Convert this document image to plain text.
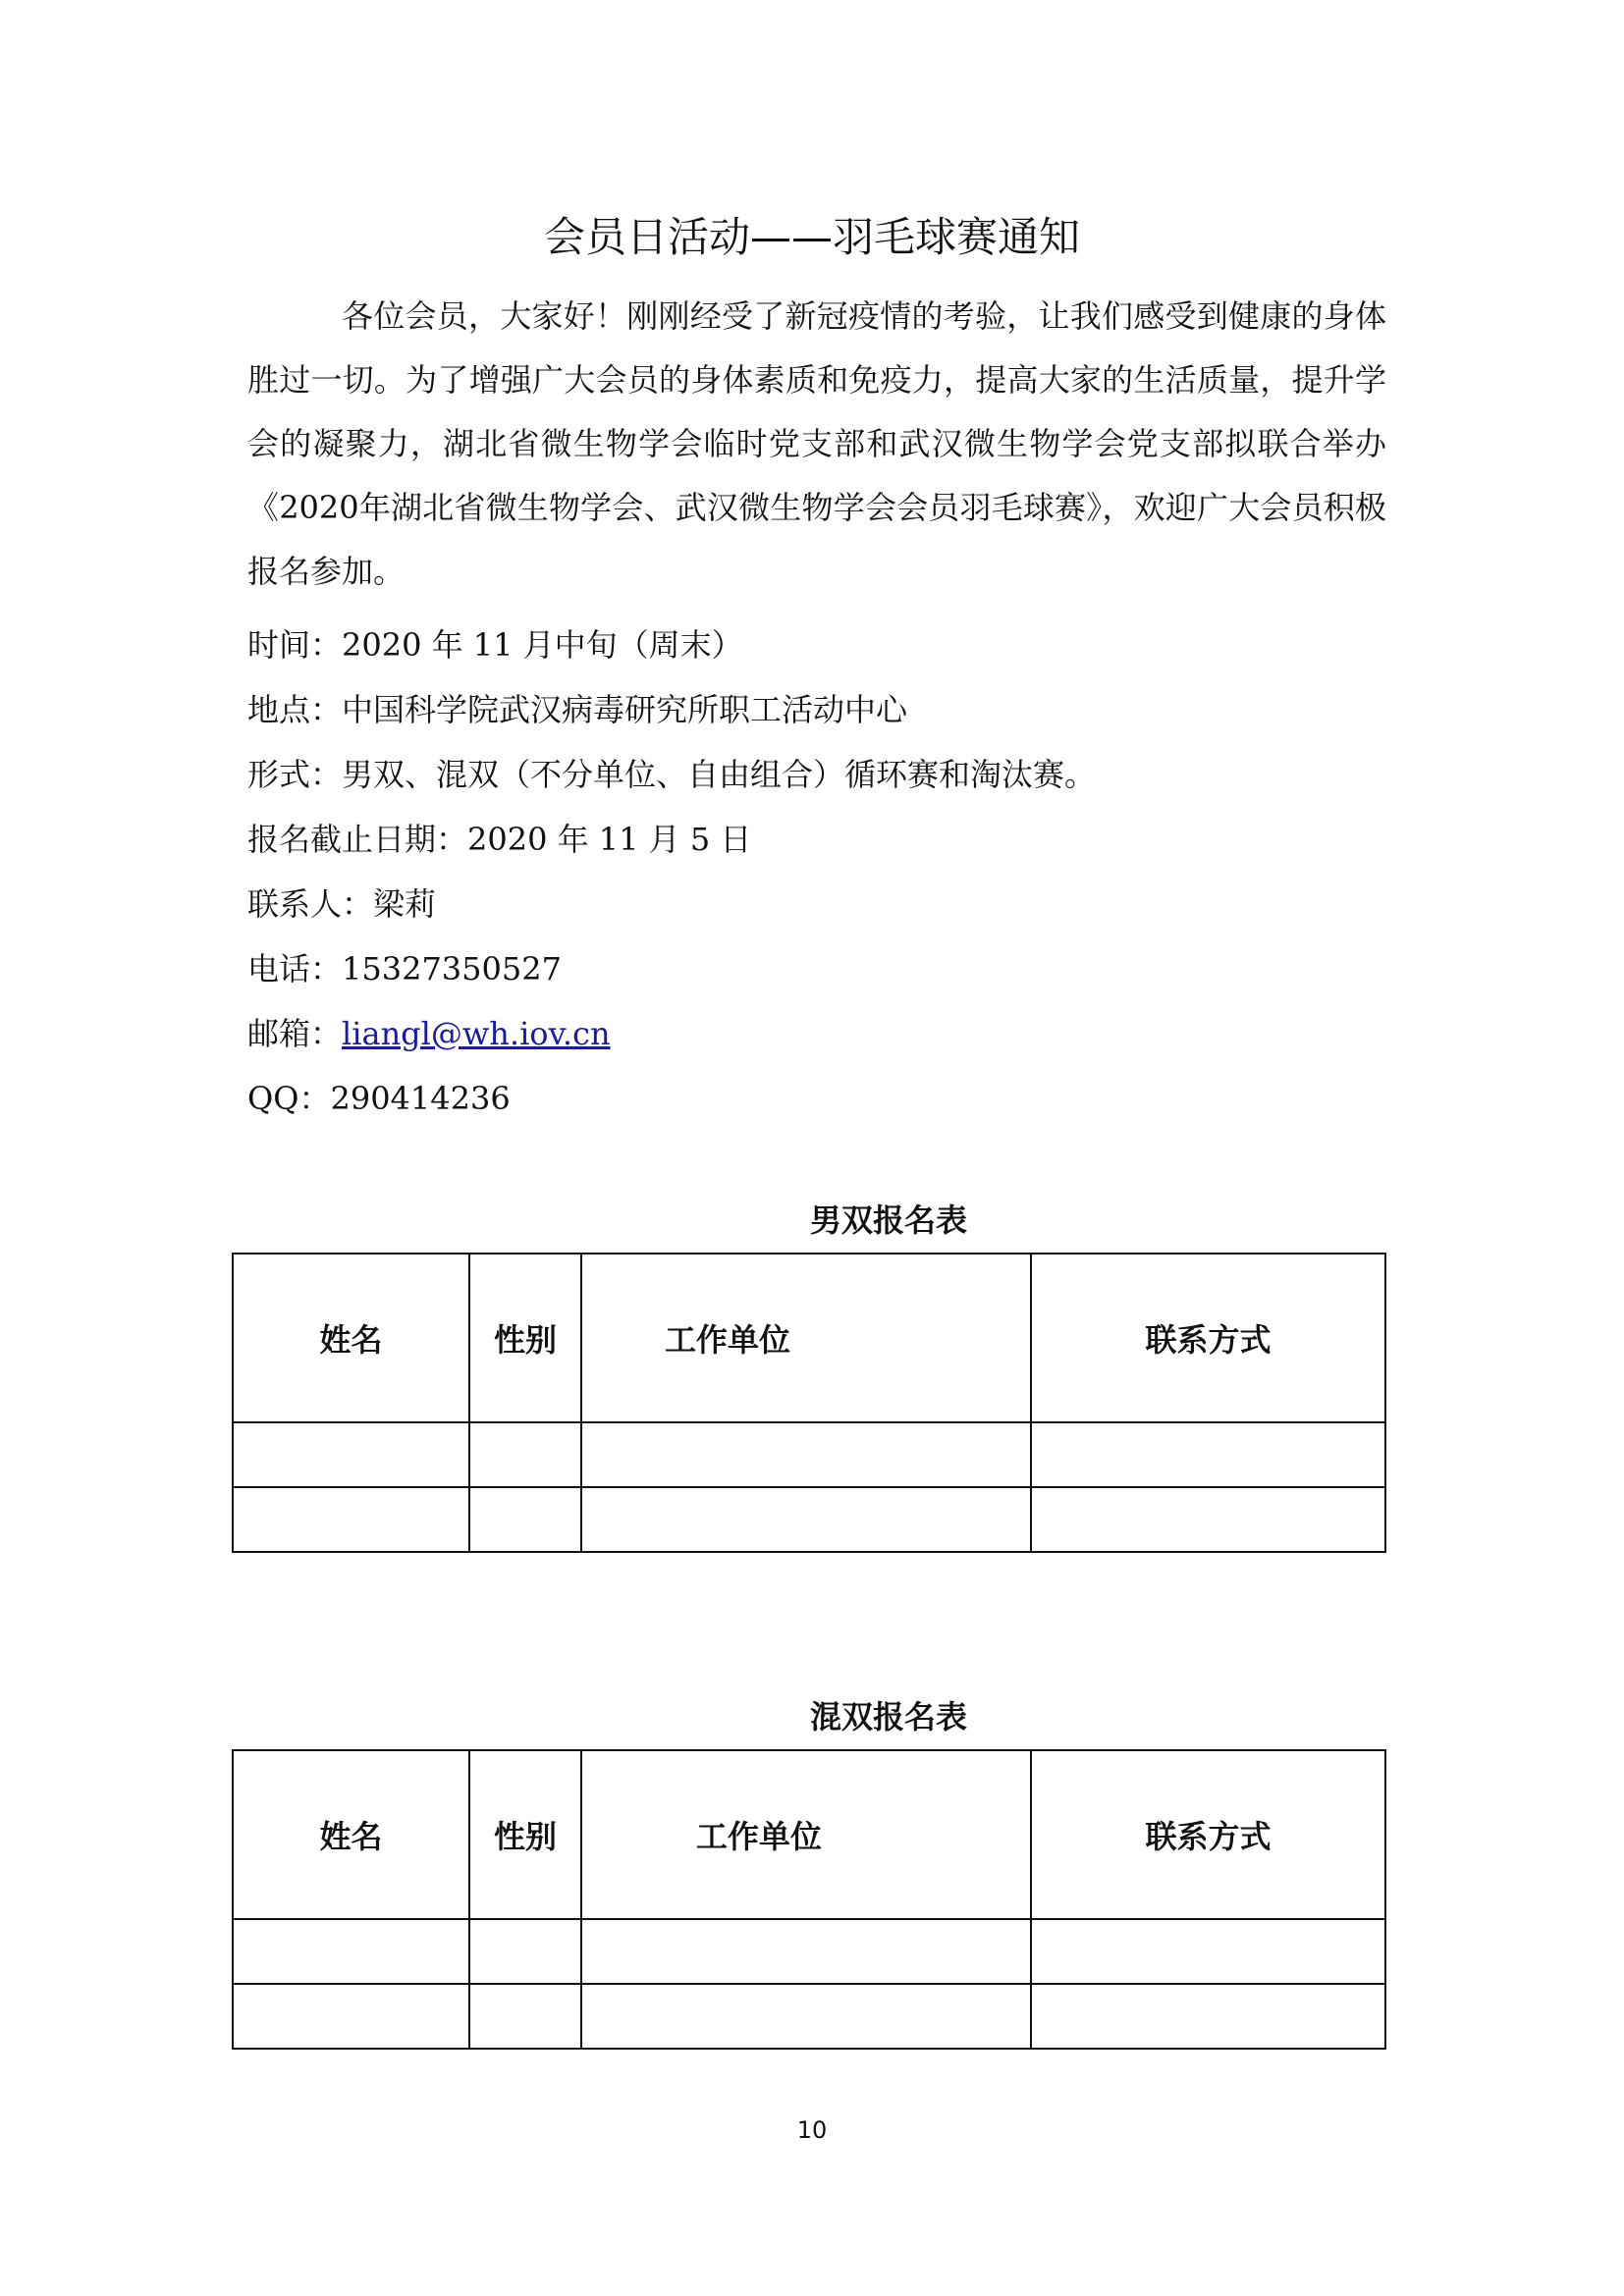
会员日活动——羽毛球赛通知

各位会员，大家好！刚刚经受了新冠疫情的考验，让我们感受到健康的身体胜过一切。为了增强广大会员的身体素质和免疫力，提高大家的生活质量，提升学会的凝聚力，湖北省微生物学会临时党支部和武汉微生物学会党支部拟联合举办《2020年湖北省微生物学会、武汉微生物学会会员羽毛球赛》，欢迎广大会员积极报名参加。

时间：2020 年 11 月中旬（周末）

地点：中国科学院武汉病毒研究所职工活动中心

形式：男双、混双（不分单位、自由组合）循环赛和淘汰赛。

报名截止日期：2020 年 11 月 5 日

联系人：梁莉

电话：15327350527

邮箱：liangl@wh.iov.cn

QQ：290414236

男双报名表

姓名	性别	工作单位	联系方式

混双报名表

姓名	性别	工作单位	联系方式

10
